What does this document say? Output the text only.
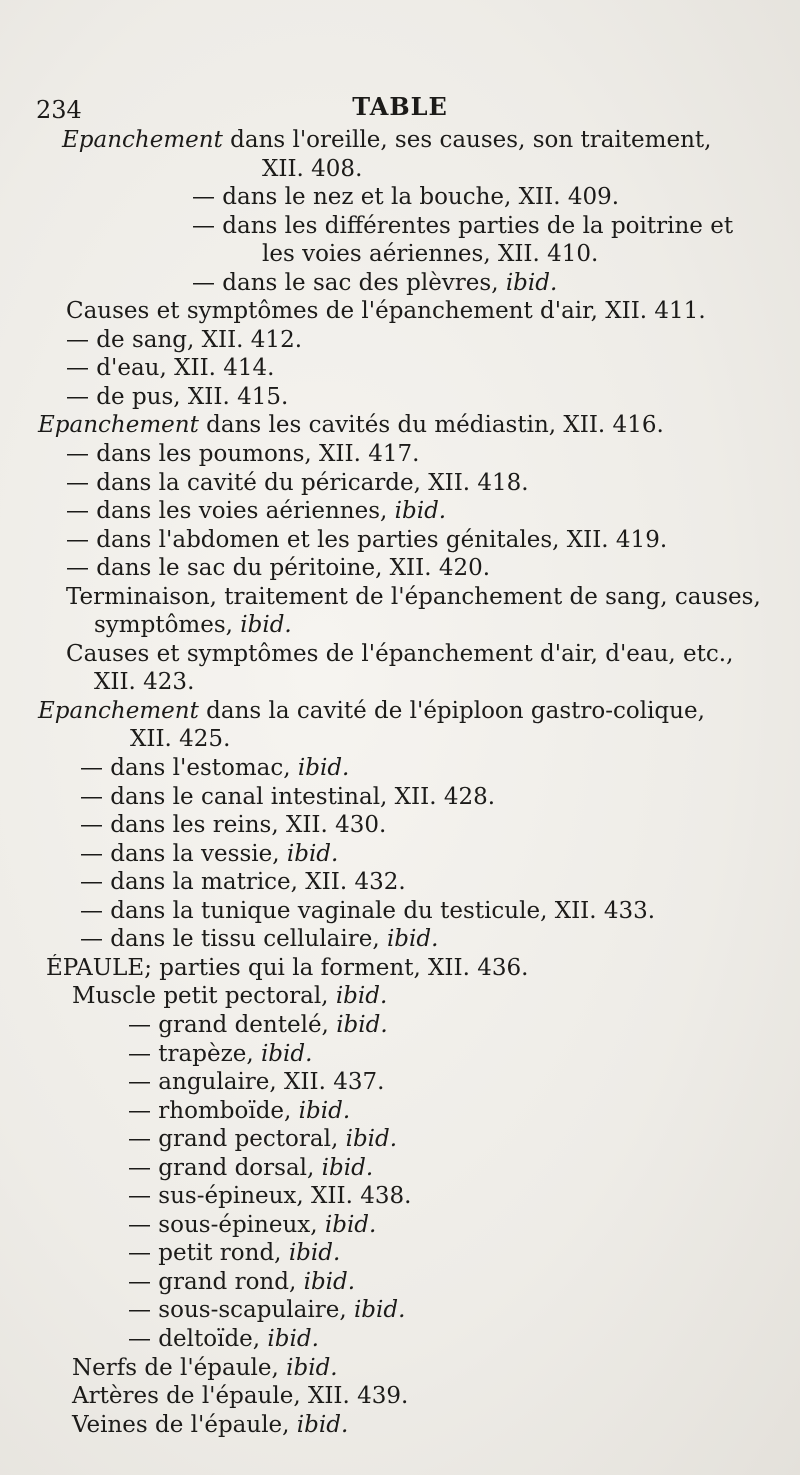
234	TABLE
Epanchement dans l'oreille, ses causes, son traitement,
XII. 408.
— dans le nez et la bouche, XII. 409.
— dans les différentes parties de la poitrine et
les voies aériennes, XII. 410.
— dans le sac des plèvres, ibid.
Causes et symptômes de l'épanchement d'air, XII. 411.
— de sang, XII. 412.
— d'eau, XII. 414.
— de pus, XII. 415.
Epanchement dans les cavités du médiastin, XII. 416.
— dans les poumons, XII. 417.
— dans la cavité du péricarde, XII. 418.
— dans les voies aériennes, ibid.
— dans l'abdomen et les parties génitales, XII. 419.
— dans le sac du péritoine, XII. 420.
Terminaison, traitement de l'épanchement de sang, causes,
symptômes, ibid.
Causes et symptômes de l'épanchement d'air, d'eau, etc.,
XII. 423.
Epanchement dans la cavité de l'épiploon gastro-colique,
XII. 425.
— dans l'estomac, ibid.
— dans le canal intestinal, XII. 428.
— dans les reins, XII. 430.
— dans la vessie, ibid.
— dans la matrice, XII. 432.
— dans la tunique vaginale du testicule, XII. 433.
— dans le tissu cellulaire, ibid.
ÉPAULE; parties qui la forment, XII. 436.
Muscle petit pectoral, ibid.
— grand dentelé, ibid.
— trapèze, ibid.
— angulaire, XII. 437.
— rhomboïde, ibid.
— grand pectoral, ibid.
— grand dorsal, ibid.
— sus-épineux, XII. 438.
— sous-épineux, ibid.
— petit rond, ibid.
— grand rond, ibid.
— sous-scapulaire, ibid.
— deltoïde, ibid.
Nerfs de l'épaule, ibid.
Artères de l'épaule, XII. 439.
Veines de l'épaule, ibid.
